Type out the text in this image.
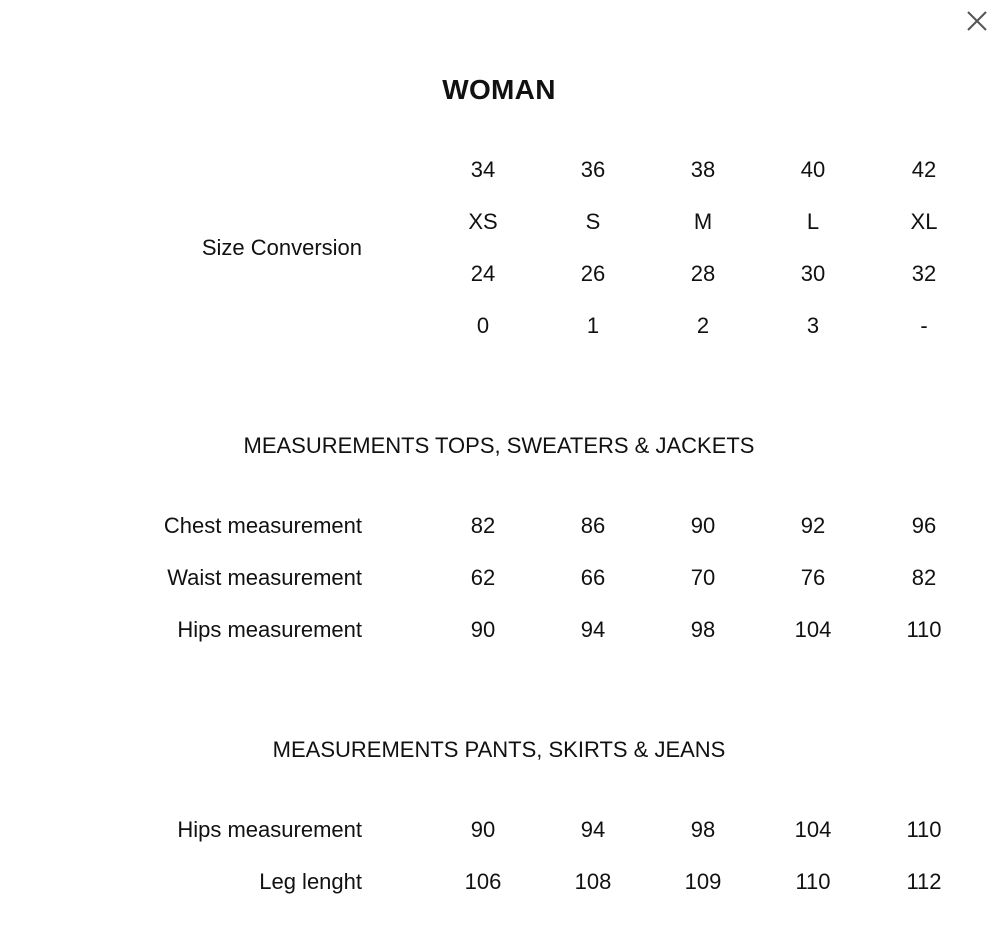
WOMAN
Size Conversion
34	36	38	40	42
XS	S	M	L	XL
24	26	28	30	32
0	1	2	3	-
MEASUREMENTS TOPS, SWEATERS & JACKETS
Chest measurement	82	86	90	92	96
Waist measurement	62	66	70	76	82
Hips measurement	90	94	98	104	110
MEASUREMENTS PANTS, SKIRTS & JEANS
Hips measurement	90	94	98	104	110
Leg lenght	106	108	109	110	112
